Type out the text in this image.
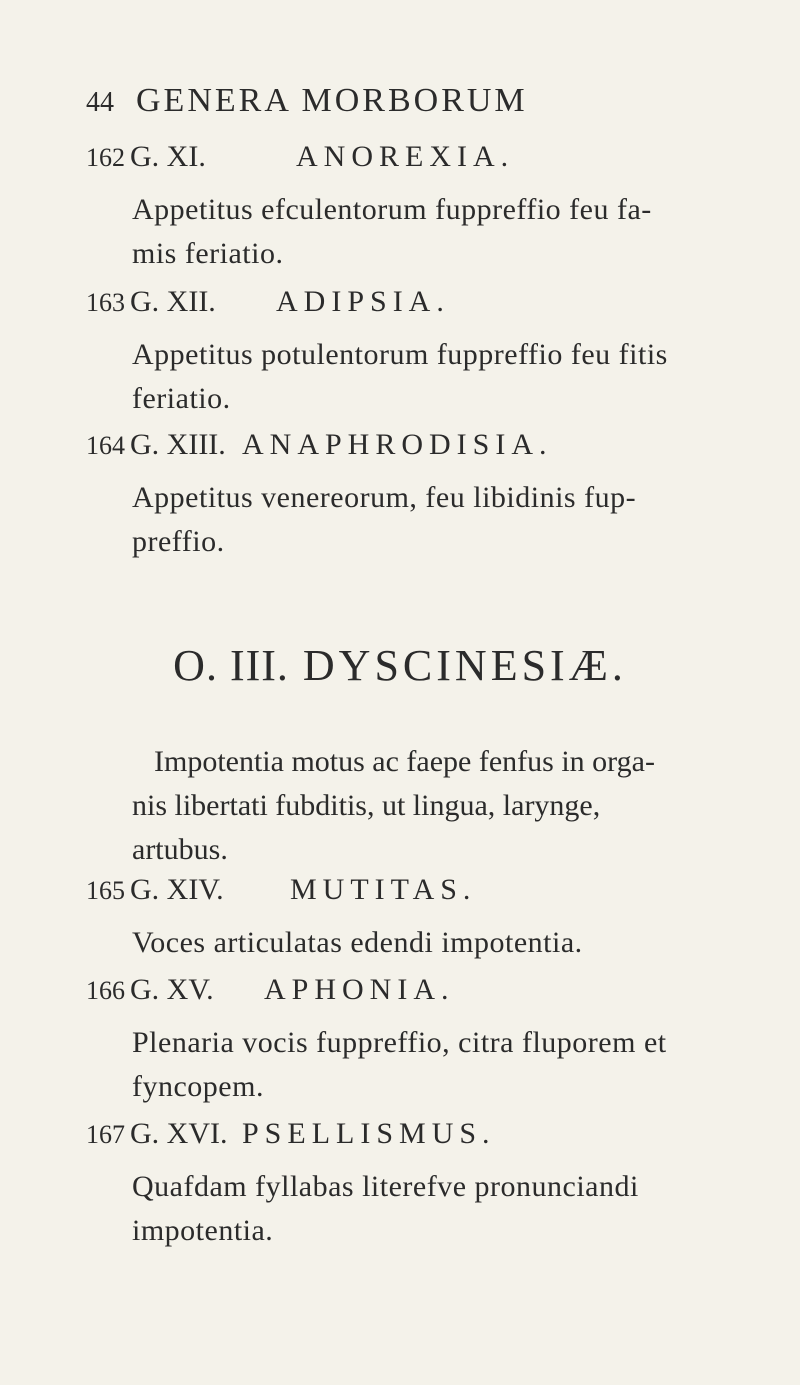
44 GENERA MORBORUM
162 G. XI.	ANOREXIA.
Appetitus efculentorum fuppreffio feu fa-
mis feriatio.
163 G. XII. ADIPSIA.
Appetitus potulentorum fuppreffio feu fitis
feriatio.
164 G. XIII. ANAPHRODISIA.
Appetitus venereorum, feu libidinis fup-
preffio.
O. III. DYSCINESIÆ.
Impotentia motus ac faepe fenfus in orga-
nis libertati fubditis, ut lingua, larynge,
artubus.
165 G. XIV. MUTITAS.
Voces articulatas edendi impotentia.
166 G. XV. APHONIA.
Plenaria vocis fuppreffio, citra fluporem et
fyncopem.
167 G. XVI. PSELLISMUS.
Quafdam fyllabas literefve pronunciandi
impotentia.
